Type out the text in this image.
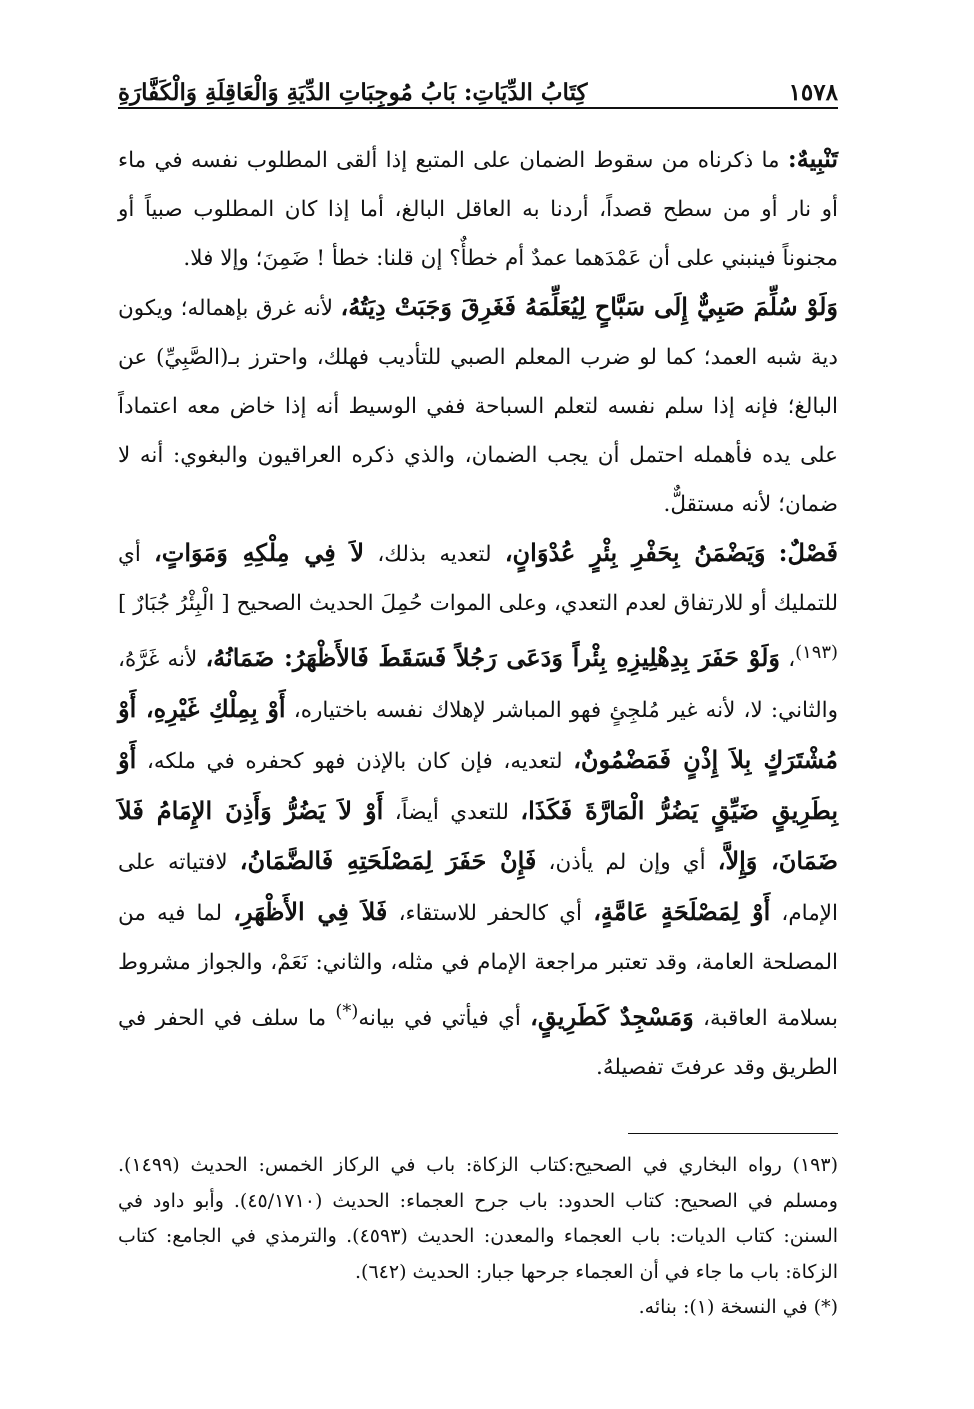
١٥٧٨
كِتَابُ الدِّيَاتِ: بَابُ مُوجِبَاتِ الدِّيَةِ وَالْعَاقِلَةِ وَالْكَفَّارَةِ

تَنْبِيهٌ: ما ذكرناه من سقوط الضمان على المتبع إذا ألقى المطلوب نفسه في ماء أو نار أو من سطح قصداً، أردنا به العاقل البالغ، أما إذا كان المطلوب صبياً أو مجنوناً فينبني على أن عَمْدَهما عمدٌ أم خطأٌ؟ إن قلنا: خطأ ! ضَمِنَ؛ وإلا فلا.

وَلَوْ سُلِّمَ صَبِيٌّ إِلَى سَبَّاحٍ لِيُعَلِّمَهُ فَغَرِقَ وَجَبَتْ دِيَتُهُ، لأنه غرق بإهماله؛ ويكون دية شبه العمد؛ كما لو ضرب المعلم الصبي للتأديب فهلك، واحترز بـ(الصَّبِيِّ) عن البالغ؛ فإنه إذا سلم نفسه لتعلم السباحة ففي الوسيط أنه إذا خاض معه اعتماداً على يده فأهمله احتمل أن يجب الضمان، والذي ذكره العراقيون والبغوي: أنه لا ضمان؛ لأنه مستقلٌّ.

فَصْلٌ: وَيَضْمَنُ بِحَفْرِ بِئْرٍ عُدْوَانٍ، لتعديه بذلك، لاَ فِي مِلْكِهِ وَمَوَاتٍ، أي للتمليك أو للارتفاق لعدم التعدي، وعلى الموات حُمِلَ الحديث الصحيح [ الْبِئْرُ جُبَارٌ ]$^{(١٩٣)}$، وَلَوْ حَفَرَ بِدِهْلِيزِهِ بِئْراً وَدَعَى رَجُلاً فَسَقَطَ فَالأَظْهَرُ: ضَمَانُهُ، لأنه غَرَّهُ، والثاني: لا، لأنه غير مُلجِئٍ فهو المباشر لإهلاك نفسه باختياره، أَوْ بِمِلْكِ غَيْرِهِ، أَوْ مُشْتَرَكٍ بِلاَ إِذْنٍ فَمَضْمُونٌ، لتعديه، فإن كان بالإذن فهو كحفره في ملكه، أَوْ بِطَرِيقٍ ضَيِّقٍ يَضُرُّ الْمَارَّةَ فَكَذَا، للتعدي أيضاً، أَوْ لاَ يَضُرُّ وَأَذِنَ الإِمَامُ فَلاَ ضَمَانَ، وَإِلاَّ، أي وإن لم يأذن، فَإِنْ حَفَرَ لِمَصْلَحَتِهِ فَالضَّمَانُ، لافتياته على الإمام، أَوْ لِمَصْلَحَةٍ عَامَّةٍ، أي كالحفر للاستقاء، فَلاَ فِي الأَظْهَرِ، لما فيه من المصلحة العامة، وقد تعتبر مراجعة الإمام في مثله، والثاني: نَعَمْ، والجواز مشروط بسلامة العاقبة، وَمَسْجِدٌ كَطَرِيقٍ، أي فيأتي في بيانه(*) ما سلف في الحفر في الطريق وقد عرفتَ تفصيلهُ.

(١٩٣) رواه البخاري في الصحيح:كتاب الزكاة: باب في الركاز الخمس: الحديث (١٤٩٩). ومسلم في الصحيح: كتاب الحدود: باب جرح العجماء: الحديث (٤٥/١٧١٠). وأبو داود في السنن: كتاب الديات: باب العجماء والمعدن: الحديث (٤٥٩٣). والترمذي في الجامع: كتاب الزكاة: باب ما جاء في أن العجماء جرحها جبار: الحديث (٦٤٢).

(*) في النسخة (١): بنائه.
